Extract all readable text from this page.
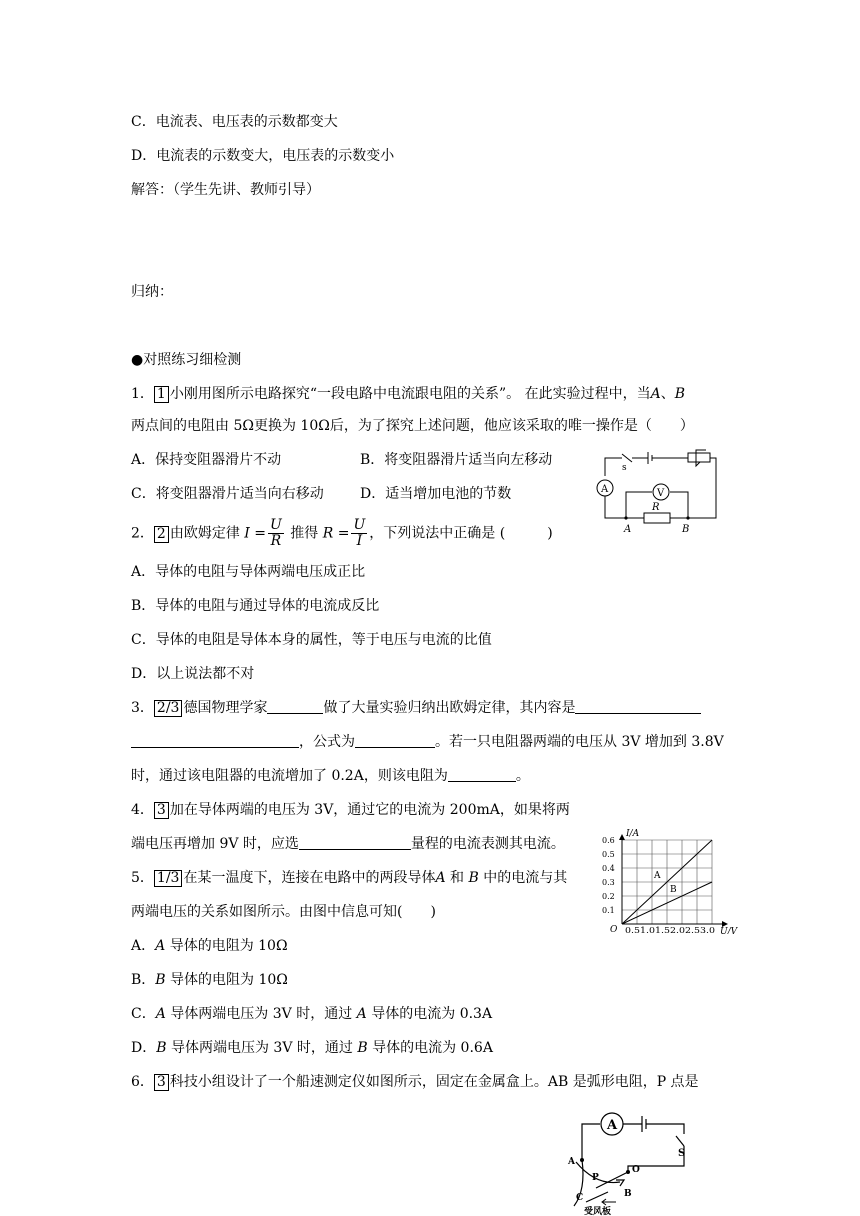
C．电流表、电压表的示数都变大
D．电流表的示数变大，电压表的示数变小
解答：（学生先讲、教师引导）
归纳：
●对照练习细检测
1． 1 小刚用图所示电路探究“一段电路中电流跟电阻的关系”。 在此实验过程中，当A、B
两点间的电阻由 5Ω更换为 10Ω后，为了探究上述问题，他应该采取的唯一操作是（　　）
A．保持变阻器滑片不动	B．将变阻器滑片适当向左移动
C．将变阻器滑片适当向右移动	D．适当增加电池的节数
s
A	V
R
A	B
2． 2 由欧姆定律 $I = \frac{U}{R}$ 推得 $R = \frac{U}{I}$ ，下列说法中正确是 (　　　)
A．导体的电阻与导体两端电压成正比
B．导体的电阻与通过导体的电流成反比
C．导体的电阻是导体本身的属性，等于电压与电流的比值
D．以上说法都不对
3． 2/3 德国物理学家	做了大量实验归纳出欧姆定律，其内容是
，公式为	。若一只电阻器两端的电压从 3V 增加到 3.8V
时，通过该电阻器的电流增加了 0.2A，则该电阻为	。
4． 3 加在导体两端的电压为 3V，通过它的电流为 200mA，如果将两
端电压再增加 9V 时，应选	量程的电流表测其电流。
5． 1/3 在某一温度下，连接在电路中的两段导体A 和 B 中的电流与其
两端电压的关系如图所示。由图中信息可知(　　)
A．A 导体的电阻为 10Ω
B．B 导体的电阻为 10Ω
C．A 导体两端电压为 3V 时，通过 A 导体的电流为 0.3A
D．B 导体两端电压为 3V 时，通过 B 导体的电流为 0.6A
I/A
U/V
O 0.51.01.52.02.53.0
0.6
0.5
0.4
0.3
0.2
0.1
A
B
6． 3 科技小组设计了一个船速测定仪如图所示，固定在金属盒上。AB 是弧形电阻，P 点是
A
S
A
O
P
B
C
受风板
